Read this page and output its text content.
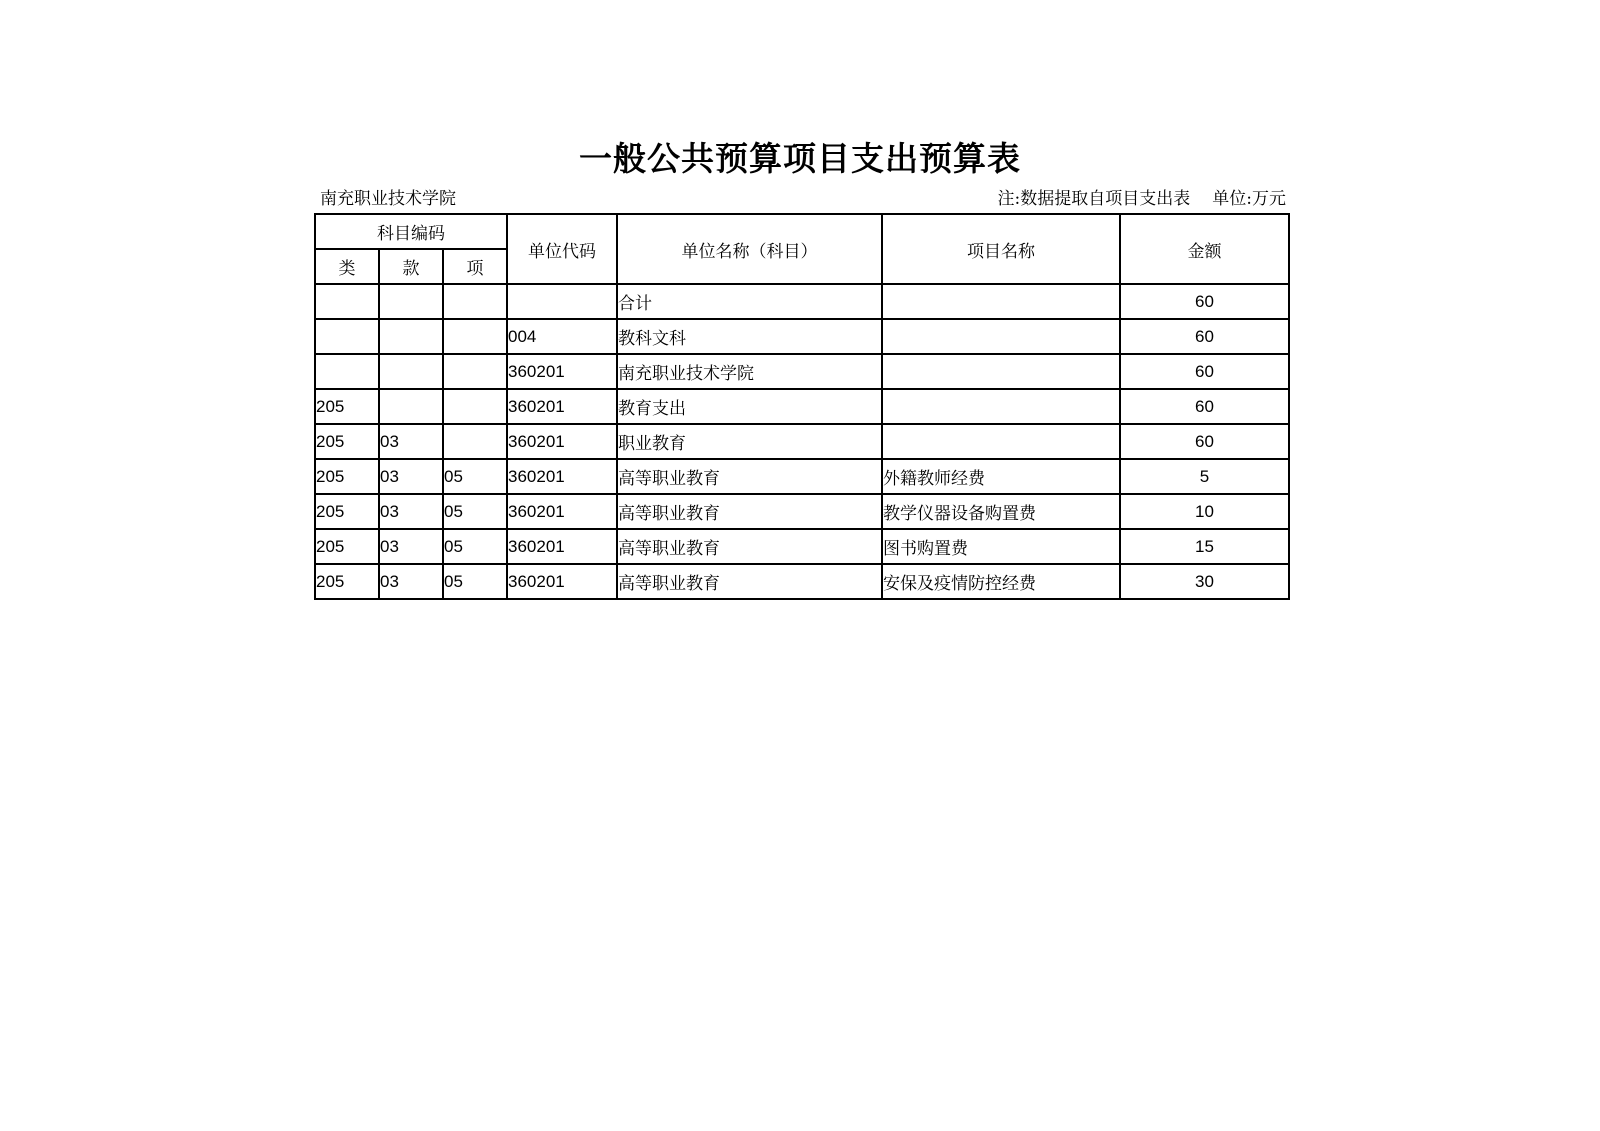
一般公共预算项目支出预算表
南充职业技术学院	注:数据提取自项目支出表 单位:万元
科目编码			单位代码	单位名称（科目）	项目名称	金额
类	款	项				
				合计		60
			004	教科文科		60
			360201	南充职业技术学院		60
205			360201	教育支出		60
205	03		360201	职业教育		60
205	03	05	360201	高等职业教育	外籍教师经费	5
205	03	05	360201	高等职业教育	教学仪器设备购置费	10
205	03	05	360201	高等职业教育	图书购置费	15
205	03	05	360201	高等职业教育	安保及疫情防控经费	30
